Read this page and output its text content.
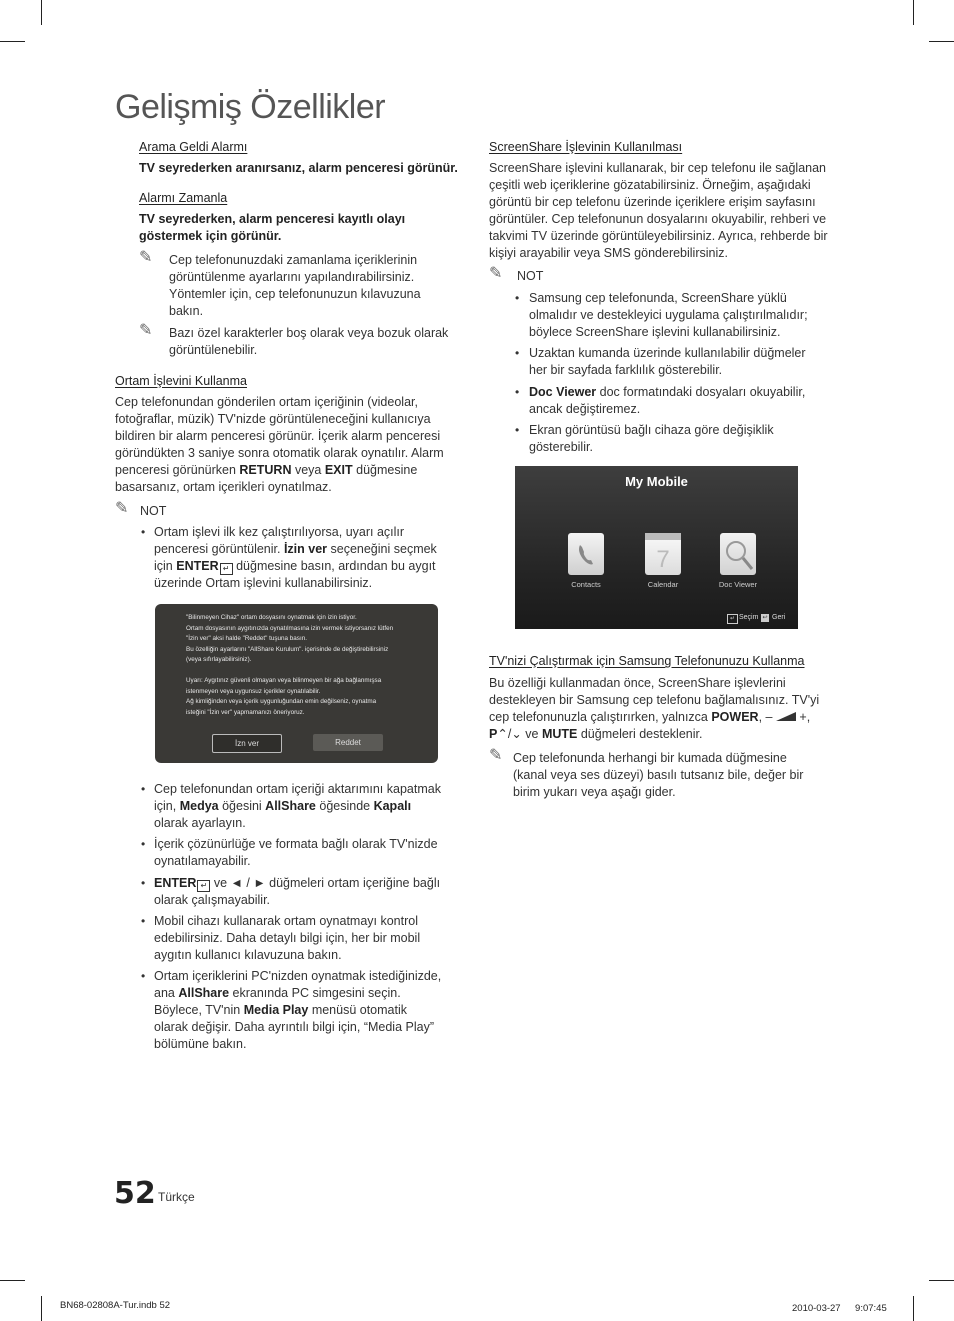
Gelişmiş Özellikler
Arama Geldi Alarmı
TV seyrederken aranırsanız, alarm penceresi görünür.
Alarmı Zamanla
TV seyrederken, alarm penceresi kayıtlı olayı
göstermek için görünür.
✎ Cep telefonunuzdaki zamanlama içeriklerinin
görüntülenme ayarlarını yapılandırabilirsiniz.
Yöntemler için, cep telefonunuzun kılavuzuna
bakın.
✎ Bazı özel karakterler boş olarak veya bozuk olarak
görüntülenebilir.
Ortam İşlevini Kullanma
Cep telefonundan gönderilen ortam içeriğinin (videolar,
fotoğraflar, müzik) TV'nizde görüntüleneceğini kullanıcıya
bildiren bir alarm penceresi görünür. İçerik alarm penceresi
göründükten 3 saniye sonra otomatik olarak oynatılır. Alarm
penceresi görünürken RETURN veya EXIT düğmesine
basarsanız, ortam içerikleri oynatılmaz.
✎ NOT
• Ortam işlevi ilk kez çalıştırılıyorsa, uyarı açılır
penceresi görüntülenir. İzin ver seçeneğini seçmek
için ENTER ↵ düğmesine basın, ardından bu aygıt
üzerinde Ortam işlevini kullanabilirsiniz.
"Bilinmeyen Cihaz" ortam dosyasını oynatmak için izin istiyor.
Ortam dosyasının aygıtınızda oynatılmasına izin vermek istiyorsanız lütfen
"İzin ver" aksi halde "Reddet" tuşuna basın.
Bu özelliğin ayarlarını "AllShare Kurulum". içerisinde de değiştirebilirsiniz
(veya sıfırlayabilirsiniz).

Uyarı: Aygıtınız güvenli olmayan veya bilinmeyen bir ağa bağlanmışsa
istenmeyen veya uygunsuz içerikler oynatılabilir.
Ağ kimliğinden veya içerik uygunluğundan emin değilseniz, oynatma
isteğini "İzin ver" yapmamanızı öneriyoruz.
İzn ver	Reddet
• Cep telefonundan ortam içeriği aktarımını kapatmak
için, Medya öğesini AllShare öğesinde Kapalı
olarak ayarlayın.
• İçerik çözünürlüğe ve formata bağlı olarak TV'nizde
oynatılamayabilir.
• ENTER ↵ ve ◄ / ► düğmeleri ortam içeriğine bağlı
olarak çalışmayabilir.
• Mobil cihazı kullanarak ortam oynatmayı kontrol
edebilirsiniz. Daha detaylı bilgi için, her bir mobil
aygıtın kullanıcı kılavuzuna bakın.
• Ortam içeriklerini PC'nizden oynatmak istediğinizde,
ana AllShare ekranında PC simgesini seçin.
Böylece, TV'nin Media Play menüsü otomatik
olarak değişir. Daha ayrıntılı bilgi için, “Media Play”
bölümüne bakın.
ScreenShare İşlevinin Kullanılması
ScreenShare işlevini kullanarak, bir cep telefonu ile sağlanan
çeşitli web içeriklerine gözatabilirsiniz. Örneğim, aşağıdaki
görüntü bir cep telefonu üzerinde içeriklere erişim sayfasını
görüntüler. Cep telefonunun dosyalarını okuyabilir, rehberi ve
takvimi TV üzerinde görüntüleyebilirsiniz. Ayrıca, rehberde bir
kişiyi arayabilir veya SMS gönderebilirsiniz.
✎ NOT
• Samsung cep telefonunda, ScreenShare yüklü
olmalıdır ve destekleyici uygulama çalıştırılmalıdır;
böylece ScreenShare işlevini kullanabilirsiniz.
• Uzaktan kumanda üzerinde kullanılabilir düğmeler
her bir sayfada farklılık gösterebilir.
• Doc Viewer doc formatındaki dosyaları okuyabilir,
ancak değiştiremez.
• Ekran görüntüsü bağlı cihaza göre değişiklik
gösterebilir.
My Mobile
7
Contacts	Calendar	Doc Viewer
↵ Seçim ↩ Geri
TV'nizi Çalıştırmak için Samsung Telefonunuzu Kullanma
Bu özelliği kullanmadan önce, ScreenShare işlevlerini
destekleyen bir Samsung cep telefonu bağlamalısınız. TV'yi
cep telefonunuzla çalıştırırken, yalnızca POWER, –  +,
P⌃/⌄ ve MUTE düğmeleri desteklenir.
✎ Cep telefonunda herhangi bir kumada düğmesine
(kanal veya ses düzeyi) basılı tutsanız bile, değer bir
birim yukarı veya aşağı gider.
52 Türkçe
BN68-02808A-Tur.indb 52	2010-03-27 ᅠ 9:07:45
